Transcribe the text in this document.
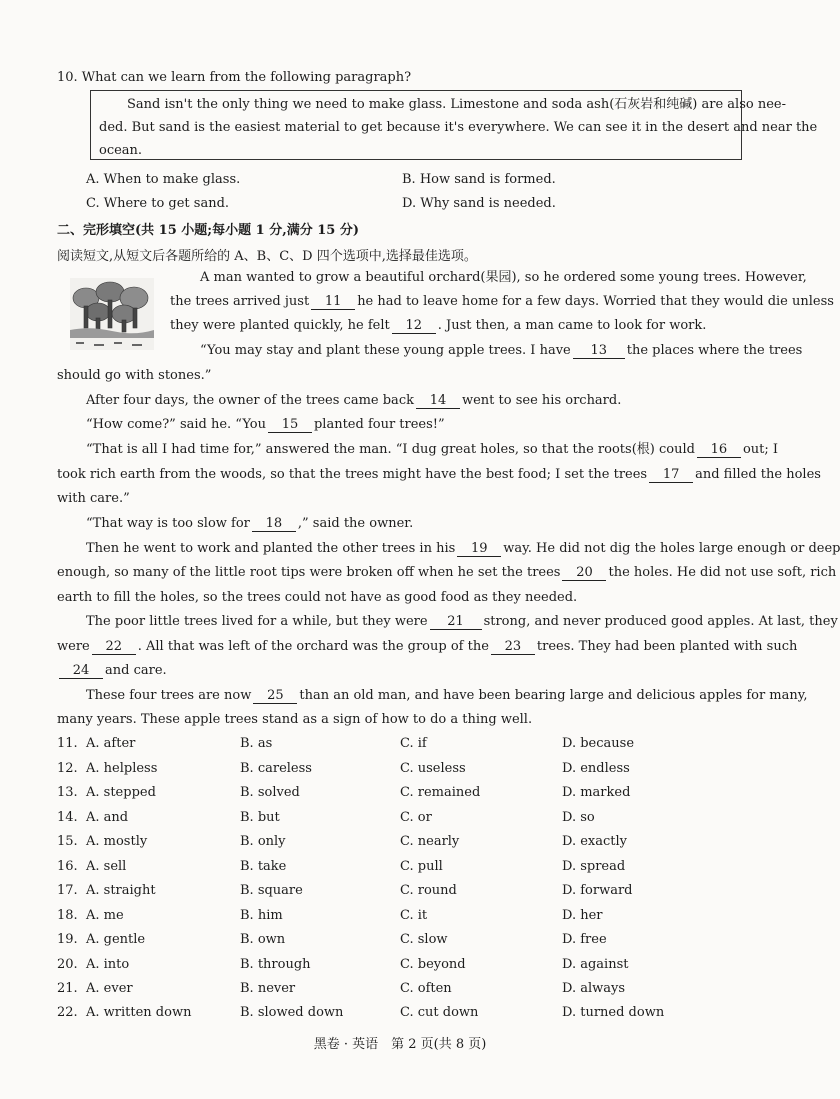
10. What can we learn from the following paragraph?
Sand isn't the only thing we need to make glass. Limestone and soda ash(石灰岩和纯碱) are also nee-
ded. But sand is the easiest material to get because it's everywhere. We can see it in the desert and near the
ocean.
A. When to make glass.	B. How sand is formed.
C. Where to get sand.	D. Why sand is needed.
二、完形填空(共 15 小题;每小题 1 分,满分 15 分)
阅读短文,从短文后各题所给的 A、B、C、D 四个选项中,选择最佳选项。
A man wanted to grow a beautiful orchard(果园), so he ordered some young trees. However,
the trees arrived just 11 he had to leave home for a few days. Worried that they would die unless
they were planted quickly, he felt 12 . Just then, a man came to look for work.
“You may stay and plant these young apple trees. I have 13 the places where the trees
should go with stones.”
After four days, the owner of the trees came back 14 went to see his orchard.
“How come?” said he. “You 15 planted four trees!”
“That is all I had time for,” answered the man. “I dug great holes, so that the roots(根) could 16 out; I
took rich earth from the woods, so that the trees might have the best food; I set the trees 17 and filled the holes
with care.”
“That way is too slow for 18 ,” said the owner.
Then he went to work and planted the other trees in his 19 way. He did not dig the holes large enough or deep
enough, so many of the little root tips were broken off when he set the trees 20 the holes. He did not use soft, rich
earth to fill the holes, so the trees could not have as good food as they needed.
The poor little trees lived for a while, but they were 21 strong, and never produced good apples. At last, they
were 22 . All that was left of the orchard was the group of the 23 trees. They had been planted with such
24 and care.
These four trees are now 25 than an old man, and have been bearing large and delicious apples for many,
many years. These apple trees stand as a sign of how to do a thing well.
11. A. after	B. as	C. if	D. because
12. A. helpless	B. careless	C. useless	D. endless
13. A. stepped	B. solved	C. remained	D. marked
14. A. and	B. but	C. or	D. so
15. A. mostly	B. only	C. nearly	D. exactly
16. A. sell	B. take	C. pull	D. spread
17. A. straight	B. square	C. round	D. forward
18. A. me	B. him	C. it	D. her
19. A. gentle	B. own	C. slow	D. free
20. A. into	B. through	C. beyond	D. against
21. A. ever	B. never	C. often	D. always
22. A. written down	B. slowed down	C. cut down	D. turned down
黑卷 · 英语　第 2 页(共 8 页)
